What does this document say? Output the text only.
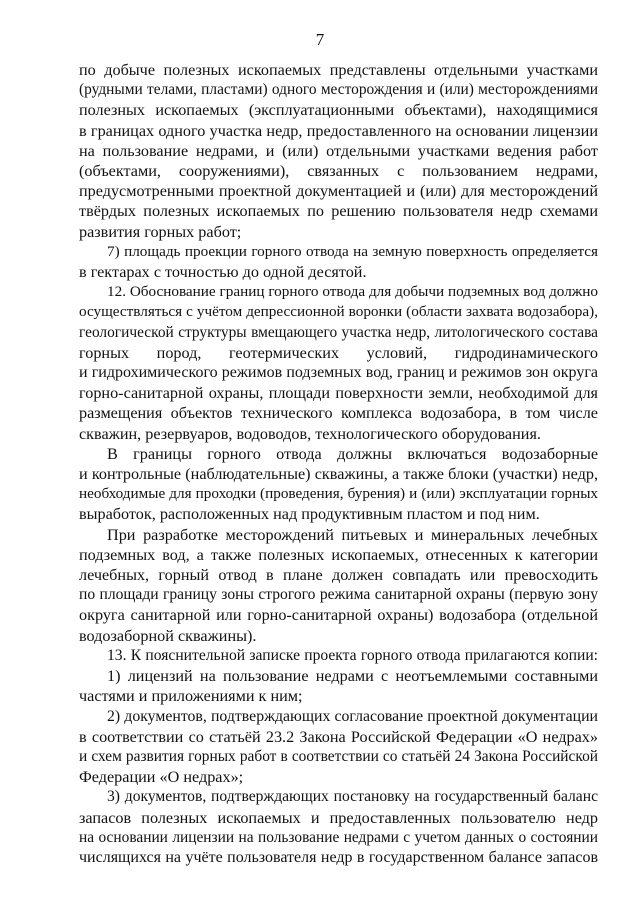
7
по добыче полезных ископаемых представлены отдельными участками
(рудными телами, пластами) одного месторождения и (или) месторождениями
полезных ископаемых (эксплуатационными объектами), находящимися
в границах одного участка недр, предоставленного на основании лицензии
на пользование недрами, и (или) отдельными участками ведения работ
(объектами, сооружениями), связанных с пользованием недрами,
предусмотренными проектной документацией и (или) для месторождений
твёрдых полезных ископаемых по решению пользователя недр схемами
развития горных работ;
7) площадь проекции горного отвода на земную поверхность определяется
в гектарах с точностью до одной десятой.
12. Обоснование границ горного отвода для добычи подземных вод должно
осуществляться с учётом депрессионной воронки (области захвата водозабора),
геологической структуры вмещающего участка недр, литологического состава
горных пород, геотермических условий, гидродинамического
и гидрохимического режимов подземных вод, границ и режимов зон округа
горно-санитарной охраны, площади поверхности земли, необходимой для
размещения объектов технического комплекса водозабора, в том числе
скважин, резервуаров, водоводов, технологического оборудования.
В границы горного отвода должны включаться водозаборные
и контрольные (наблюдательные) скважины, а также блоки (участки) недр,
необходимые для проходки (проведения, бурения) и (или) эксплуатации горных
выработок, расположенных над продуктивным пластом и под ним.
При разработке месторождений питьевых и минеральных лечебных
подземных вод, а также полезных ископаемых, отнесенных к категории
лечебных, горный отвод в плане должен совпадать или превосходить
по площади границу зоны строгого режима санитарной охраны (первую зону
округа санитарной или горно-санитарной охраны) водозабора (отдельной
водозаборной скважины).
13. К пояснительной записке проекта горного отвода прилагаются копии:
1) лицензий на пользование недрами с неотъемлемыми составными
частями и приложениями к ним;
2) документов, подтверждающих согласование проектной документации
в соответствии со статьёй 23.2 Закона Российской Федерации «О недрах»
и схем развития горных работ в соответствии со статьёй 24 Закона Российской
Федерации «О недрах»;
3) документов, подтверждающих постановку на государственный баланс
запасов полезных ископаемых и предоставленных пользователю недр
на основании лицензии на пользование недрами с учетом данных о состоянии
числящихся на учёте пользователя недр в государственном балансе запасов
